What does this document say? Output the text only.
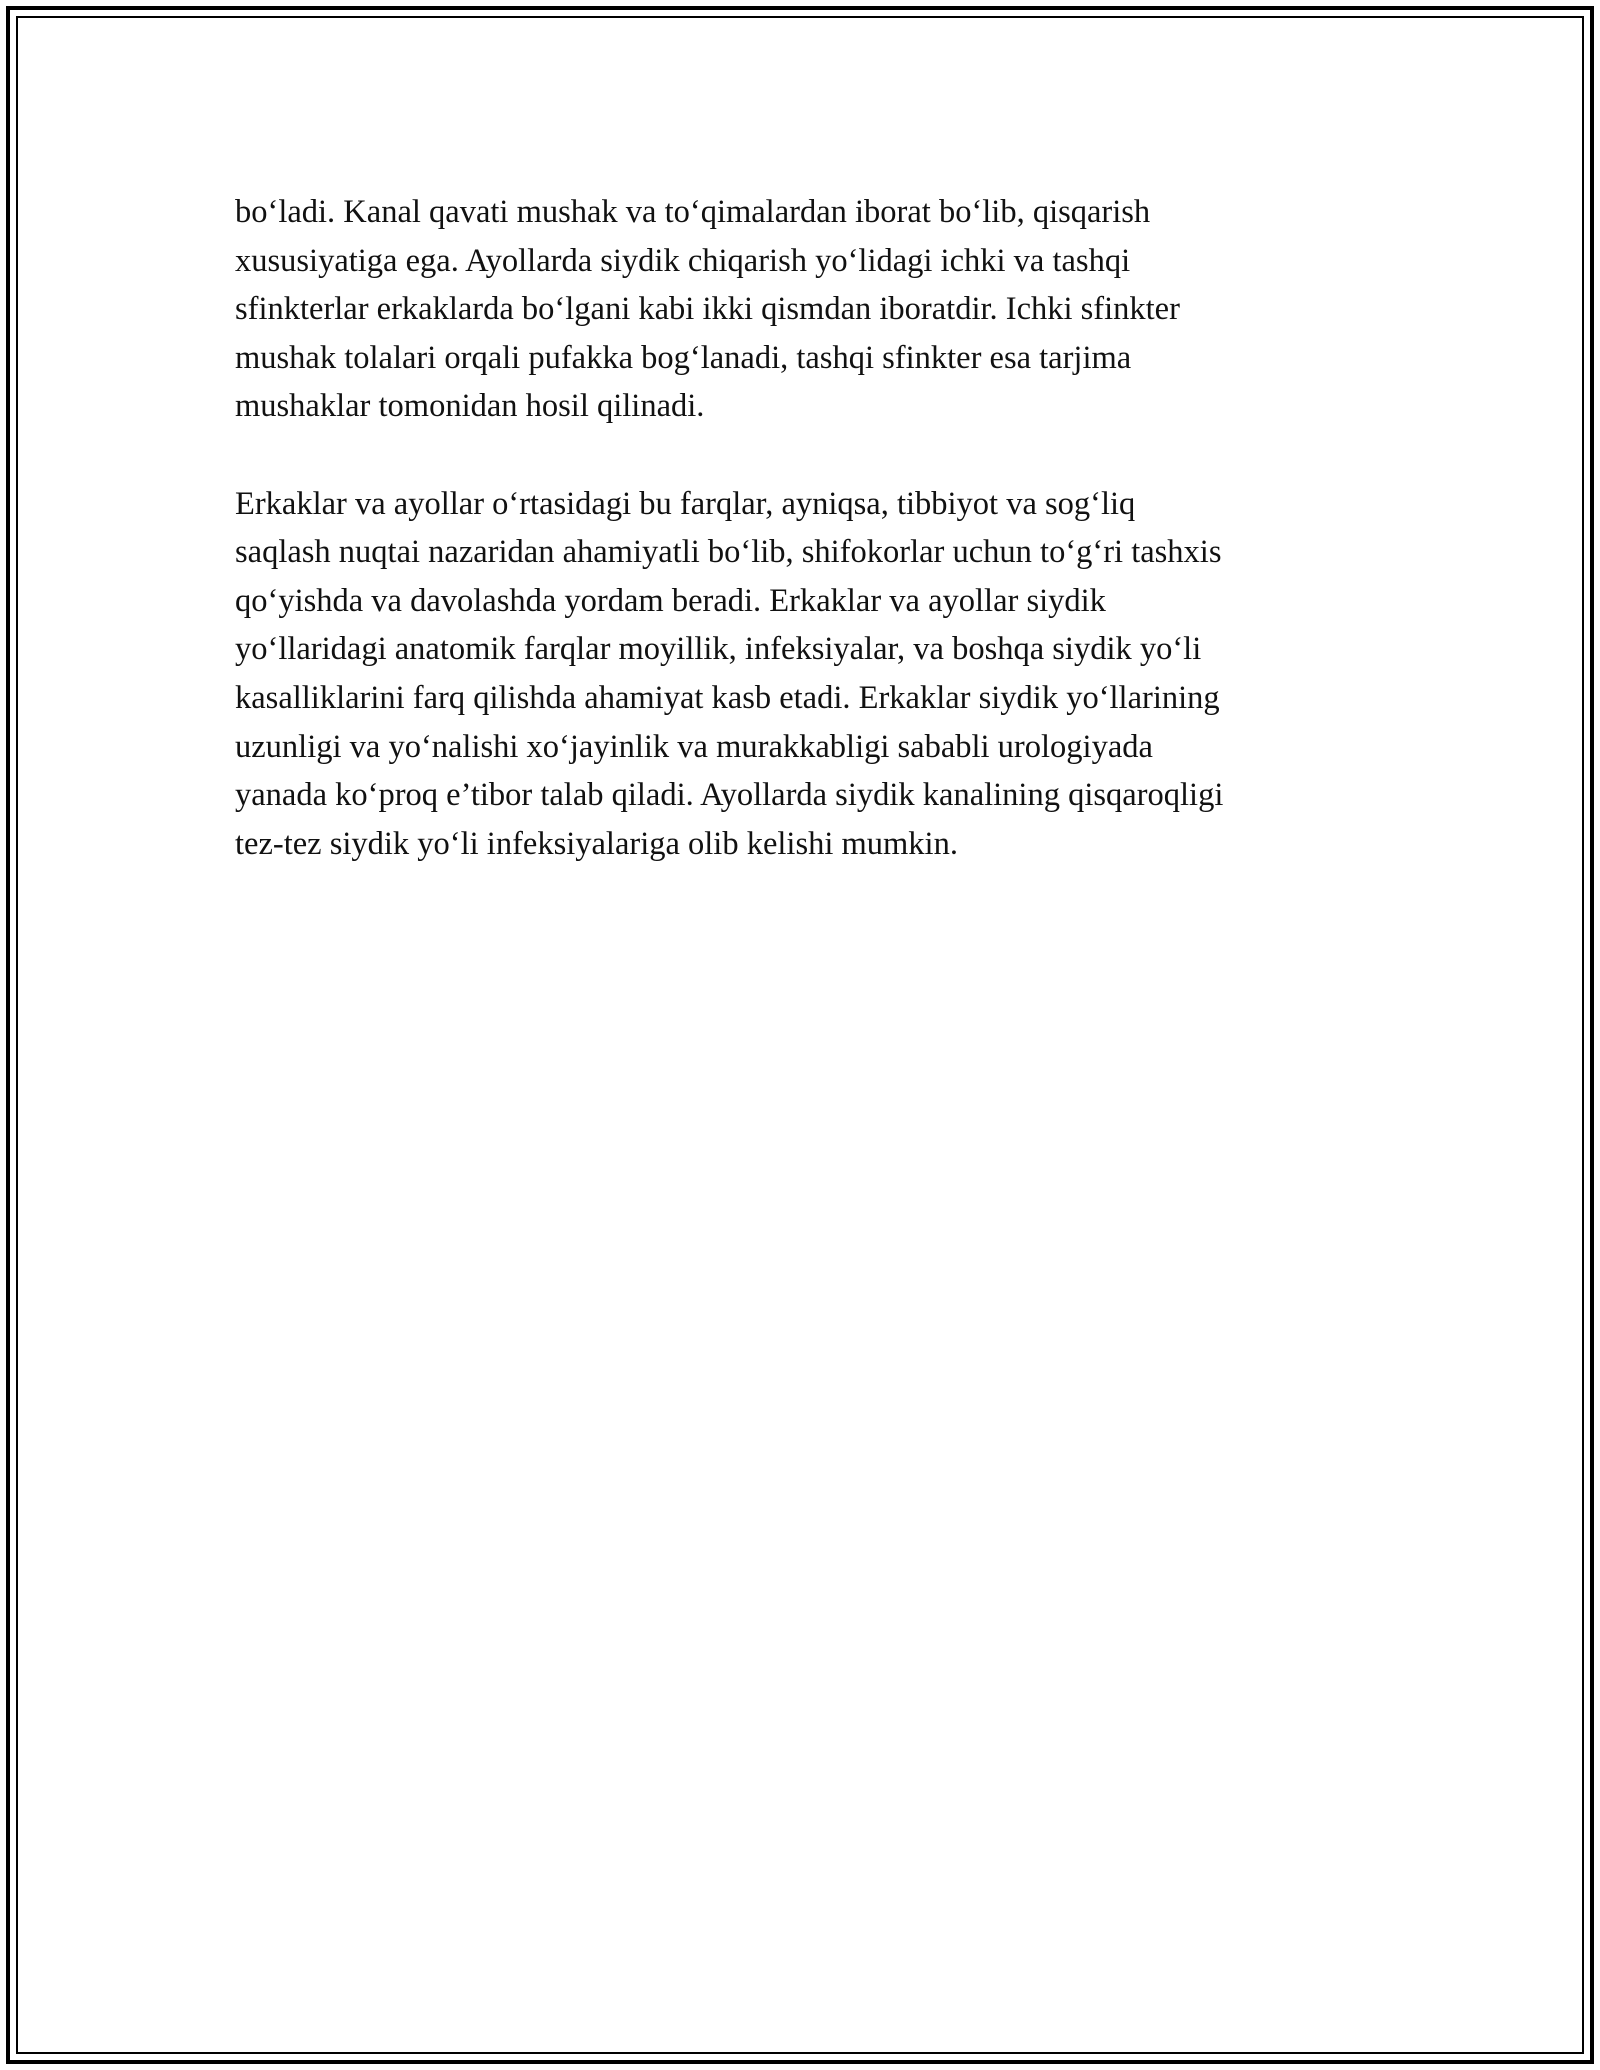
bo‘ladi. Kanal qavati mushak va to‘qimalardan iborat bo‘lib, qisqarish
xususiyatiga ega. Ayollarda siydik chiqarish yo‘lidagi ichki va tashqi
sfinkterlar erkaklarda bo‘lgani kabi ikki qismdan iboratdir. Ichki sfinkter
mushak tolalari orqali pufakka bog‘lanadi, tashqi sfinkter esa tarjima
mushaklar tomonidan hosil qilinadi.

Erkaklar va ayollar o‘rtasidagi bu farqlar, ayniqsa, tibbiyot va sog‘liq
saqlash nuqtai nazaridan ahamiyatli bo‘lib, shifokorlar uchun to‘g‘ri tashxis
qo‘yishda va davolashda yordam beradi. Erkaklar va ayollar siydik
yo‘llaridagi anatomik farqlar moyillik, infeksiyalar, va boshqa siydik yo‘li
kasalliklarini farq qilishda ahamiyat kasb etadi. Erkaklar siydik yo‘llarining
uzunligi va yo‘nalishi xo‘jayinlik va murakkabligi sababli urologiyada
yanada ko‘proq e’tibor talab qiladi. Ayollarda siydik kanalining qisqaroqligi
tez-tez siydik yo‘li infeksiyalariga olib kelishi mumkin.
